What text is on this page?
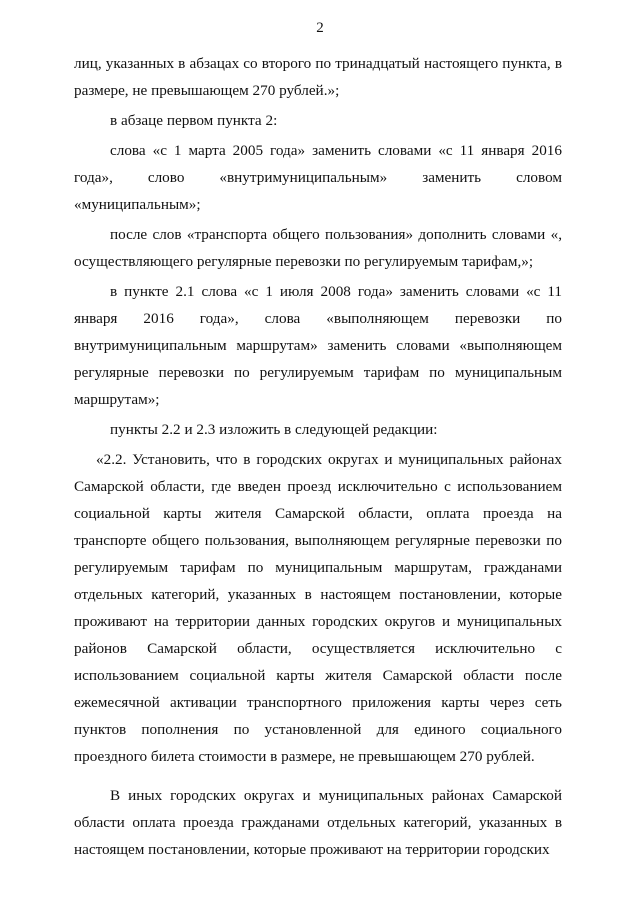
2

лиц, указанных в абзацах со второго по тринадцатый настоящего пункта, в размере, не превышающем 270 рублей.»;

в абзаце первом пункта 2:

слова «с 1 марта 2005 года» заменить словами «с 11 января 2016 года», слово «внутримуниципальным» заменить словом «муниципальным»;

после слов «транспорта общего пользования» дополнить словами «, осуществляющего регулярные перевозки по регулируемым тарифам,»;

в пункте 2.1 слова «с 1 июля 2008 года» заменить словами «с 11 января 2016 года», слова «выполняющем перевозки по внутримуниципальным маршрутам» заменить словами «выполняющем регулярные перевозки по регулируемым тарифам по муниципальным маршрутам»;

пункты 2.2 и 2.3 изложить в следующей редакции:

«2.2. Установить, что в городских округах и муниципальных районах Самарской области, где введен проезд исключительно с использованием социальной карты жителя Самарской области, оплата проезда на транспорте общего пользования, выполняющем регулярные перевозки по регулируемым тарифам по муниципальным маршрутам, гражданами отдельных категорий, указанных в настоящем постановлении, которые проживают на территории данных городских округов и муниципальных районов Самарской области, осуществляется исключительно с использованием социальной карты жителя Самарской области после ежемесячной активации транспортного приложения карты через сеть пунктов пополнения по установленной для единого социального проездного билета стоимости в размере, не превышающем 270 рублей.

В иных городских округах и муниципальных районах Самарской области оплата проезда гражданами отдельных категорий, указанных в настоящем постановлении, которые проживают на территории городских
